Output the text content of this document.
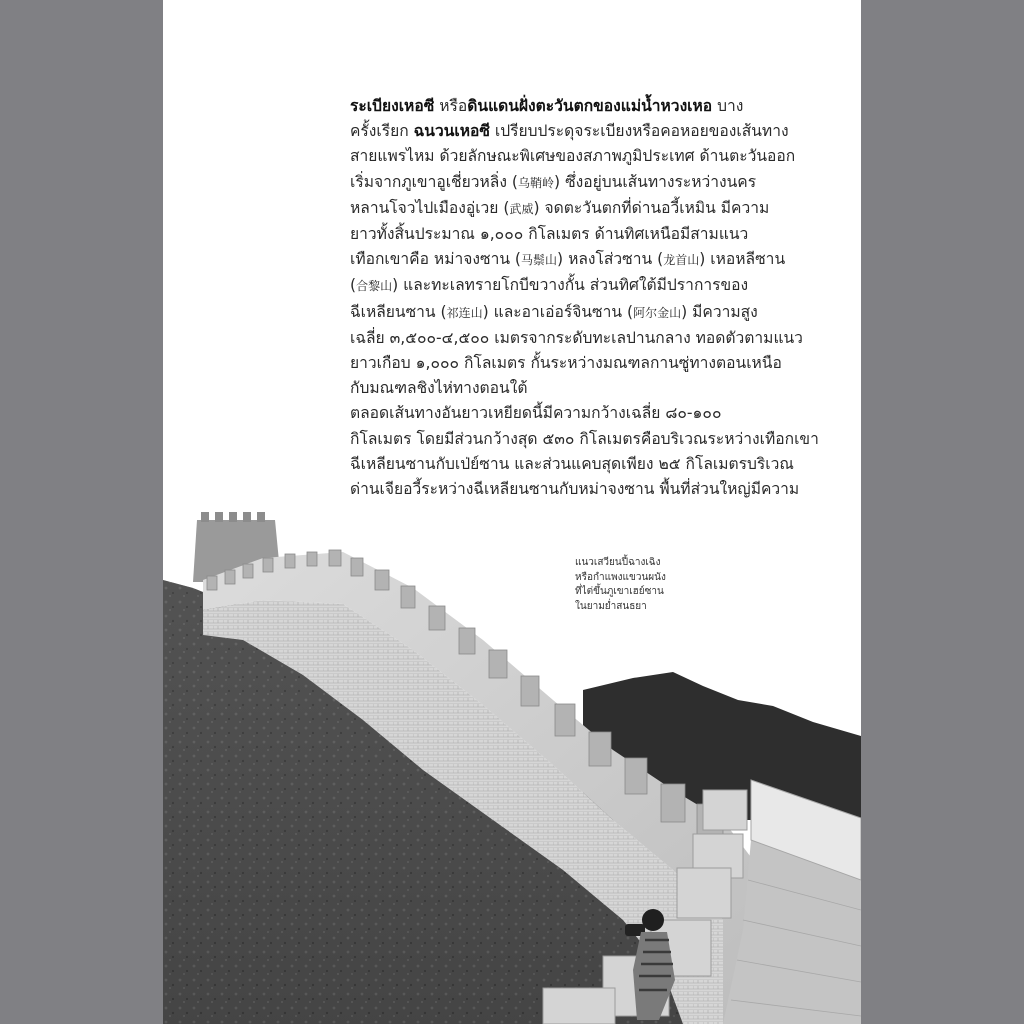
ระเบียงเหอซี หรือดินแดนฝั่งตะวันตกของแม่น้ำหวงเหอ บาง
ครั้งเรียก ฉนวนเหอซี เปรียบประดุจระเบียงหรือคอหอยของเส้นทาง
สายแพรไหม ด้วยลักษณะพิเศษของสภาพภูมิประเทศ ด้านตะวันออก
เริ่มจากภูเขาอูเชี่ยวหลิ่ง (乌鞘岭) ซึ่งอยู่บนเส้นทางระหว่างนคร
หลานโจวไปเมืองอู่เวย (武威) จดตะวันตกที่ด่านอวี้เหมิน มีความ
ยาวทั้งสิ้นประมาณ ๑,๐๐๐ กิโลเมตร ด้านทิศเหนือมีสามแนว
เทือกเขาคือ หม่าจงซาน (马鬃山) หลงโส่วซาน (龙首山) เหอหลีซาน
(合黎山) และทะเลทรายโกบีขวางกั้น ส่วนทิศใต้มีปราการของ
ฉีเหลียนซาน (祁连山) และอาเอ่อร์จินซาน (阿尔金山) มีความสูง
เฉลี่ย ๓,๕๐๐-๔,๕๐๐ เมตรจากระดับทะเลปานกลาง ทอดตัวตามแนว
ยาวเกือบ ๑,๐๐๐ กิโลเมตร กั้นระหว่างมณฑลกานซู่ทางตอนเหนือ
กับมณฑลชิงไห่ทางตอนใต้

ตลอดเส้นทางอันยาวเหยียดนี้มีความกว้างเฉลี่ย ๘๐-๑๐๐
กิโลเมตร โดยมีส่วนกว้างสุด ๕๓๐ กิโลเมตรคือบริเวณระหว่างเทือกเขา
ฉีเหลียนซานกับเป่ย์ซาน และส่วนแคบสุดเพียง ๒๕ กิโลเมตรบริเวณ
ด่านเจียอวี้ระหว่างฉีเหลียนซานกับหม่าจงซาน พื้นที่ส่วนใหญ่มีความ

แนวเสวียนปี้ฉางเฉิง
หรือกำแพงแขวนผนัง
ที่ไต่ขึ้นภูเขาเฮย์ซาน
ในยามย่ำสนธยา
